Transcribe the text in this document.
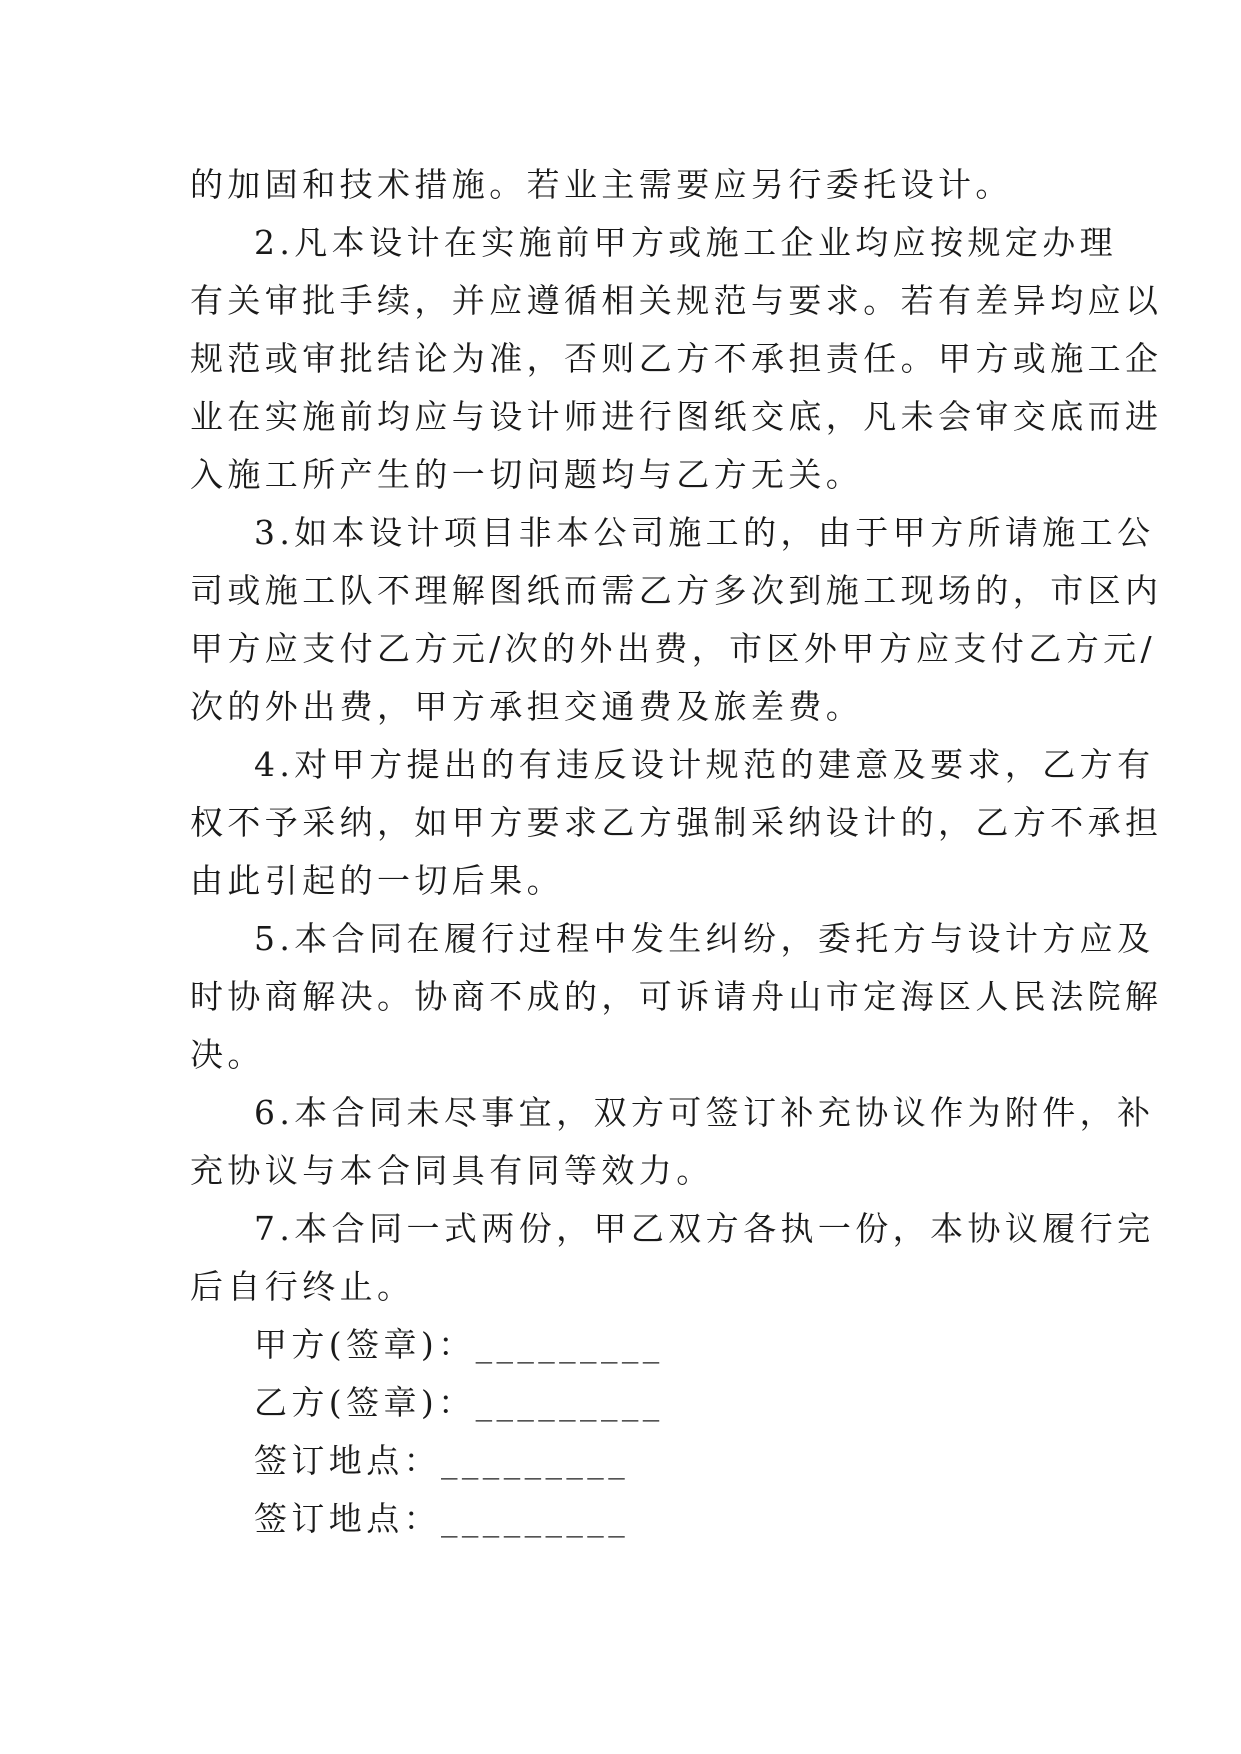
的加固和技术措施。若业主需要应另行委托设计。
2.凡本设计在实施前甲方或施工企业均应按规定办理
有关审批手续，并应遵循相关规范与要求。若有差异均应以
规范或审批结论为准，否则乙方不承担责任。甲方或施工企
业在实施前均应与设计师进行图纸交底，凡未会审交底而进
入施工所产生的一切问题均与乙方无关。
3.如本设计项目非本公司施工的，由于甲方所请施工公
司或施工队不理解图纸而需乙方多次到施工现场的，市区内
甲方应支付乙方元/次的外出费，市区外甲方应支付乙方元/
次的外出费，甲方承担交通费及旅差费。
4.对甲方提出的有违反设计规范的建意及要求，乙方有
权不予采纳，如甲方要求乙方强制采纳设计的，乙方不承担
由此引起的一切后果。
5.本合同在履行过程中发生纠纷，委托方与设计方应及
时协商解决。协商不成的，可诉请舟山市定海区人民法院解
决。
6.本合同未尽事宜，双方可签订补充协议作为附件，补
充协议与本合同具有同等效力。
7.本合同一式两份，甲乙双方各执一份，本协议履行完
后自行终止。
甲方(签章)：_________
乙方(签章)：_________
签订地点：_________
签订地点：_________
